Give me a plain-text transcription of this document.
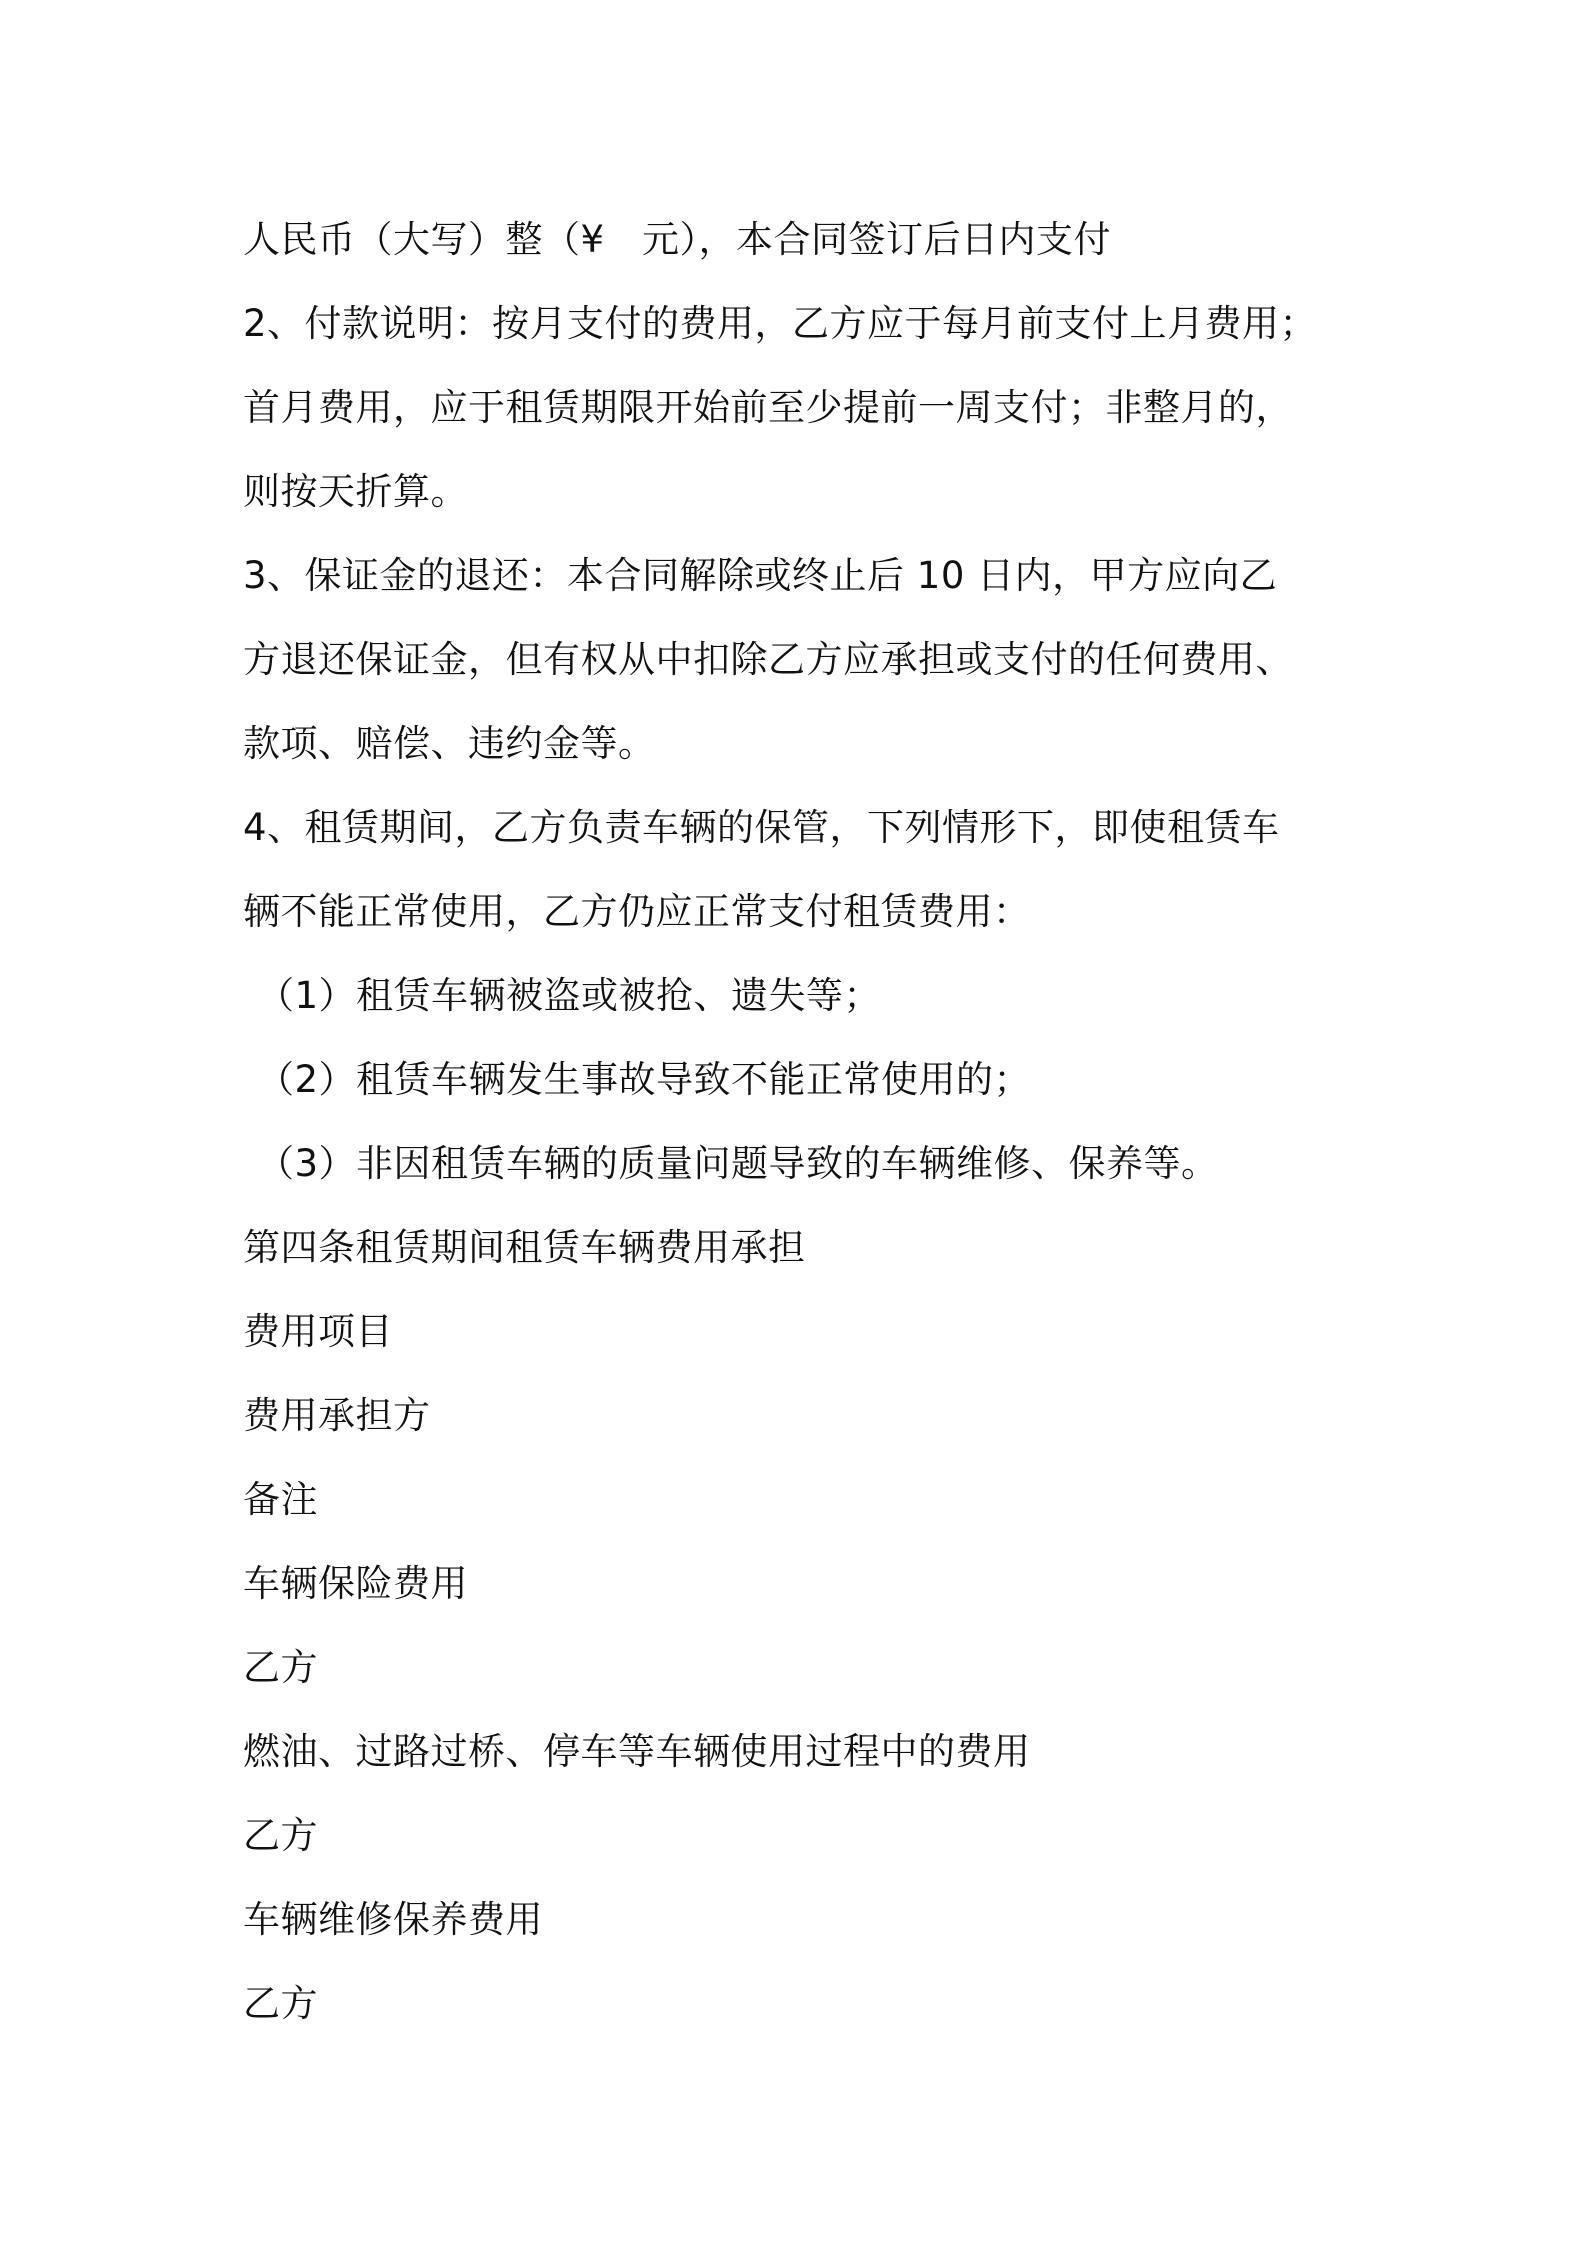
人民币（大写）整（¥　元），本合同签订后日内支付
2、付款说明：按月支付的费用，乙方应于每月前支付上月费用；
首月费用，应于租赁期限开始前至少提前一周支付；非整月的，
则按天折算。
3、保证金的退还：本合同解除或终止后 10 日内，甲方应向乙
方退还保证金，但有权从中扣除乙方应承担或支付的任何费用、
款项、赔偿、违约金等。
4、租赁期间，乙方负责车辆的保管，下列情形下，即使租赁车
辆不能正常使用，乙方仍应正常支付租赁费用：
（1）租赁车辆被盗或被抢、遗失等；
（2）租赁车辆发生事故导致不能正常使用的；
（3）非因租赁车辆的质量问题导致的车辆维修、保养等。
第四条租赁期间租赁车辆费用承担
费用项目
费用承担方
备注
车辆保险费用
乙方
燃油、过路过桥、停车等车辆使用过程中的费用
乙方
车辆维修保养费用
乙方
